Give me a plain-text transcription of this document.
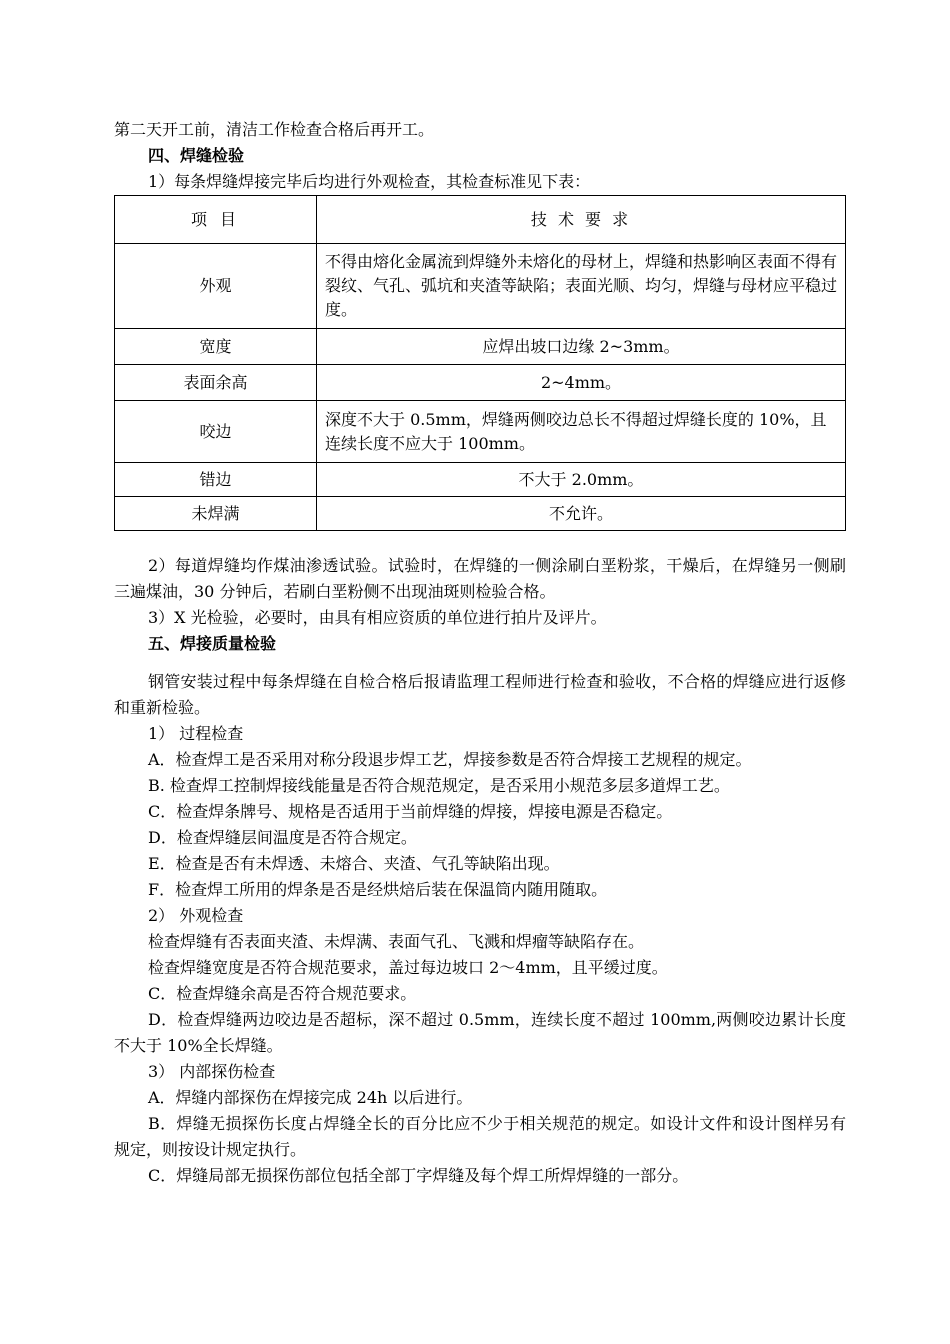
第二天开工前，清洁工作检查合格后再开工。

四、焊缝检验

1）每条焊缝焊接完毕后均进行外观检查，其检查标准见下表：

项 目	技 术 要 求
外观	不得由熔化金属流到焊缝外未熔化的母材上，焊缝和热影响区表面不得有裂纹、气孔、弧坑和夹渣等缺陷；表面光顺、均匀，焊缝与母材应平稳过度。
宽度	应焊出坡口边缘 2~3mm。
表面余高	2~4mm。
咬边	深度不大于 0.5mm，焊缝两侧咬边总长不得超过焊缝长度的 10%，且连续长度不应大于 100mm。
错边	不大于 2.0mm。
未焊满	不允许。

2）每道焊缝均作煤油渗透试验。试验时，在焊缝的一侧涂刷白垩粉浆，干燥后，在焊缝另一侧刷三遍煤油，30 分钟后，若刷白垩粉侧不出现油斑则检验合格。

3）X 光检验，必要时，由具有相应资质的单位进行拍片及评片。

五、焊接质量检验

钢管安装过程中每条焊缝在自检合格后报请监理工程师进行检查和验收，不合格的焊缝应进行返修和重新检验。

1） 过程检查

A．检查焊工是否采用对称分段退步焊工艺，焊接参数是否符合焊接工艺规程的规定。

B. 检查焊工控制焊接线能量是否符合规范规定，是否采用小规范多层多道焊工艺。

C．检查焊条牌号、规格是否适用于当前焊缝的焊接，焊接电源是否稳定。

D．检查焊缝层间温度是否符合规定。

E．检查是否有未焊透、未熔合、夹渣、气孔等缺陷出现。

F．检查焊工所用的焊条是否是经烘焙后装在保温筒内随用随取。

2） 外观检查

检查焊缝有否表面夹渣、未焊满、表面气孔、飞溅和焊瘤等缺陷存在。

检查焊缝宽度是否符合规范要求，盖过每边坡口 2～4mm，且平缓过度。

C．检查焊缝余高是否符合规范要求。

D．检查焊缝两边咬边是否超标，深不超过 0.5mm，连续长度不超过 100mm,两侧咬边累计长度不大于 10%全长焊缝。

3） 内部探伤检查

A．焊缝内部探伤在焊接完成 24h 以后进行。

B．焊缝无损探伤长度占焊缝全长的百分比应不少于相关规范的规定。如设计文件和设计图样另有规定，则按设计规定执行。

C．焊缝局部无损探伤部位包括全部丁字焊缝及每个焊工所焊焊缝的一部分。
